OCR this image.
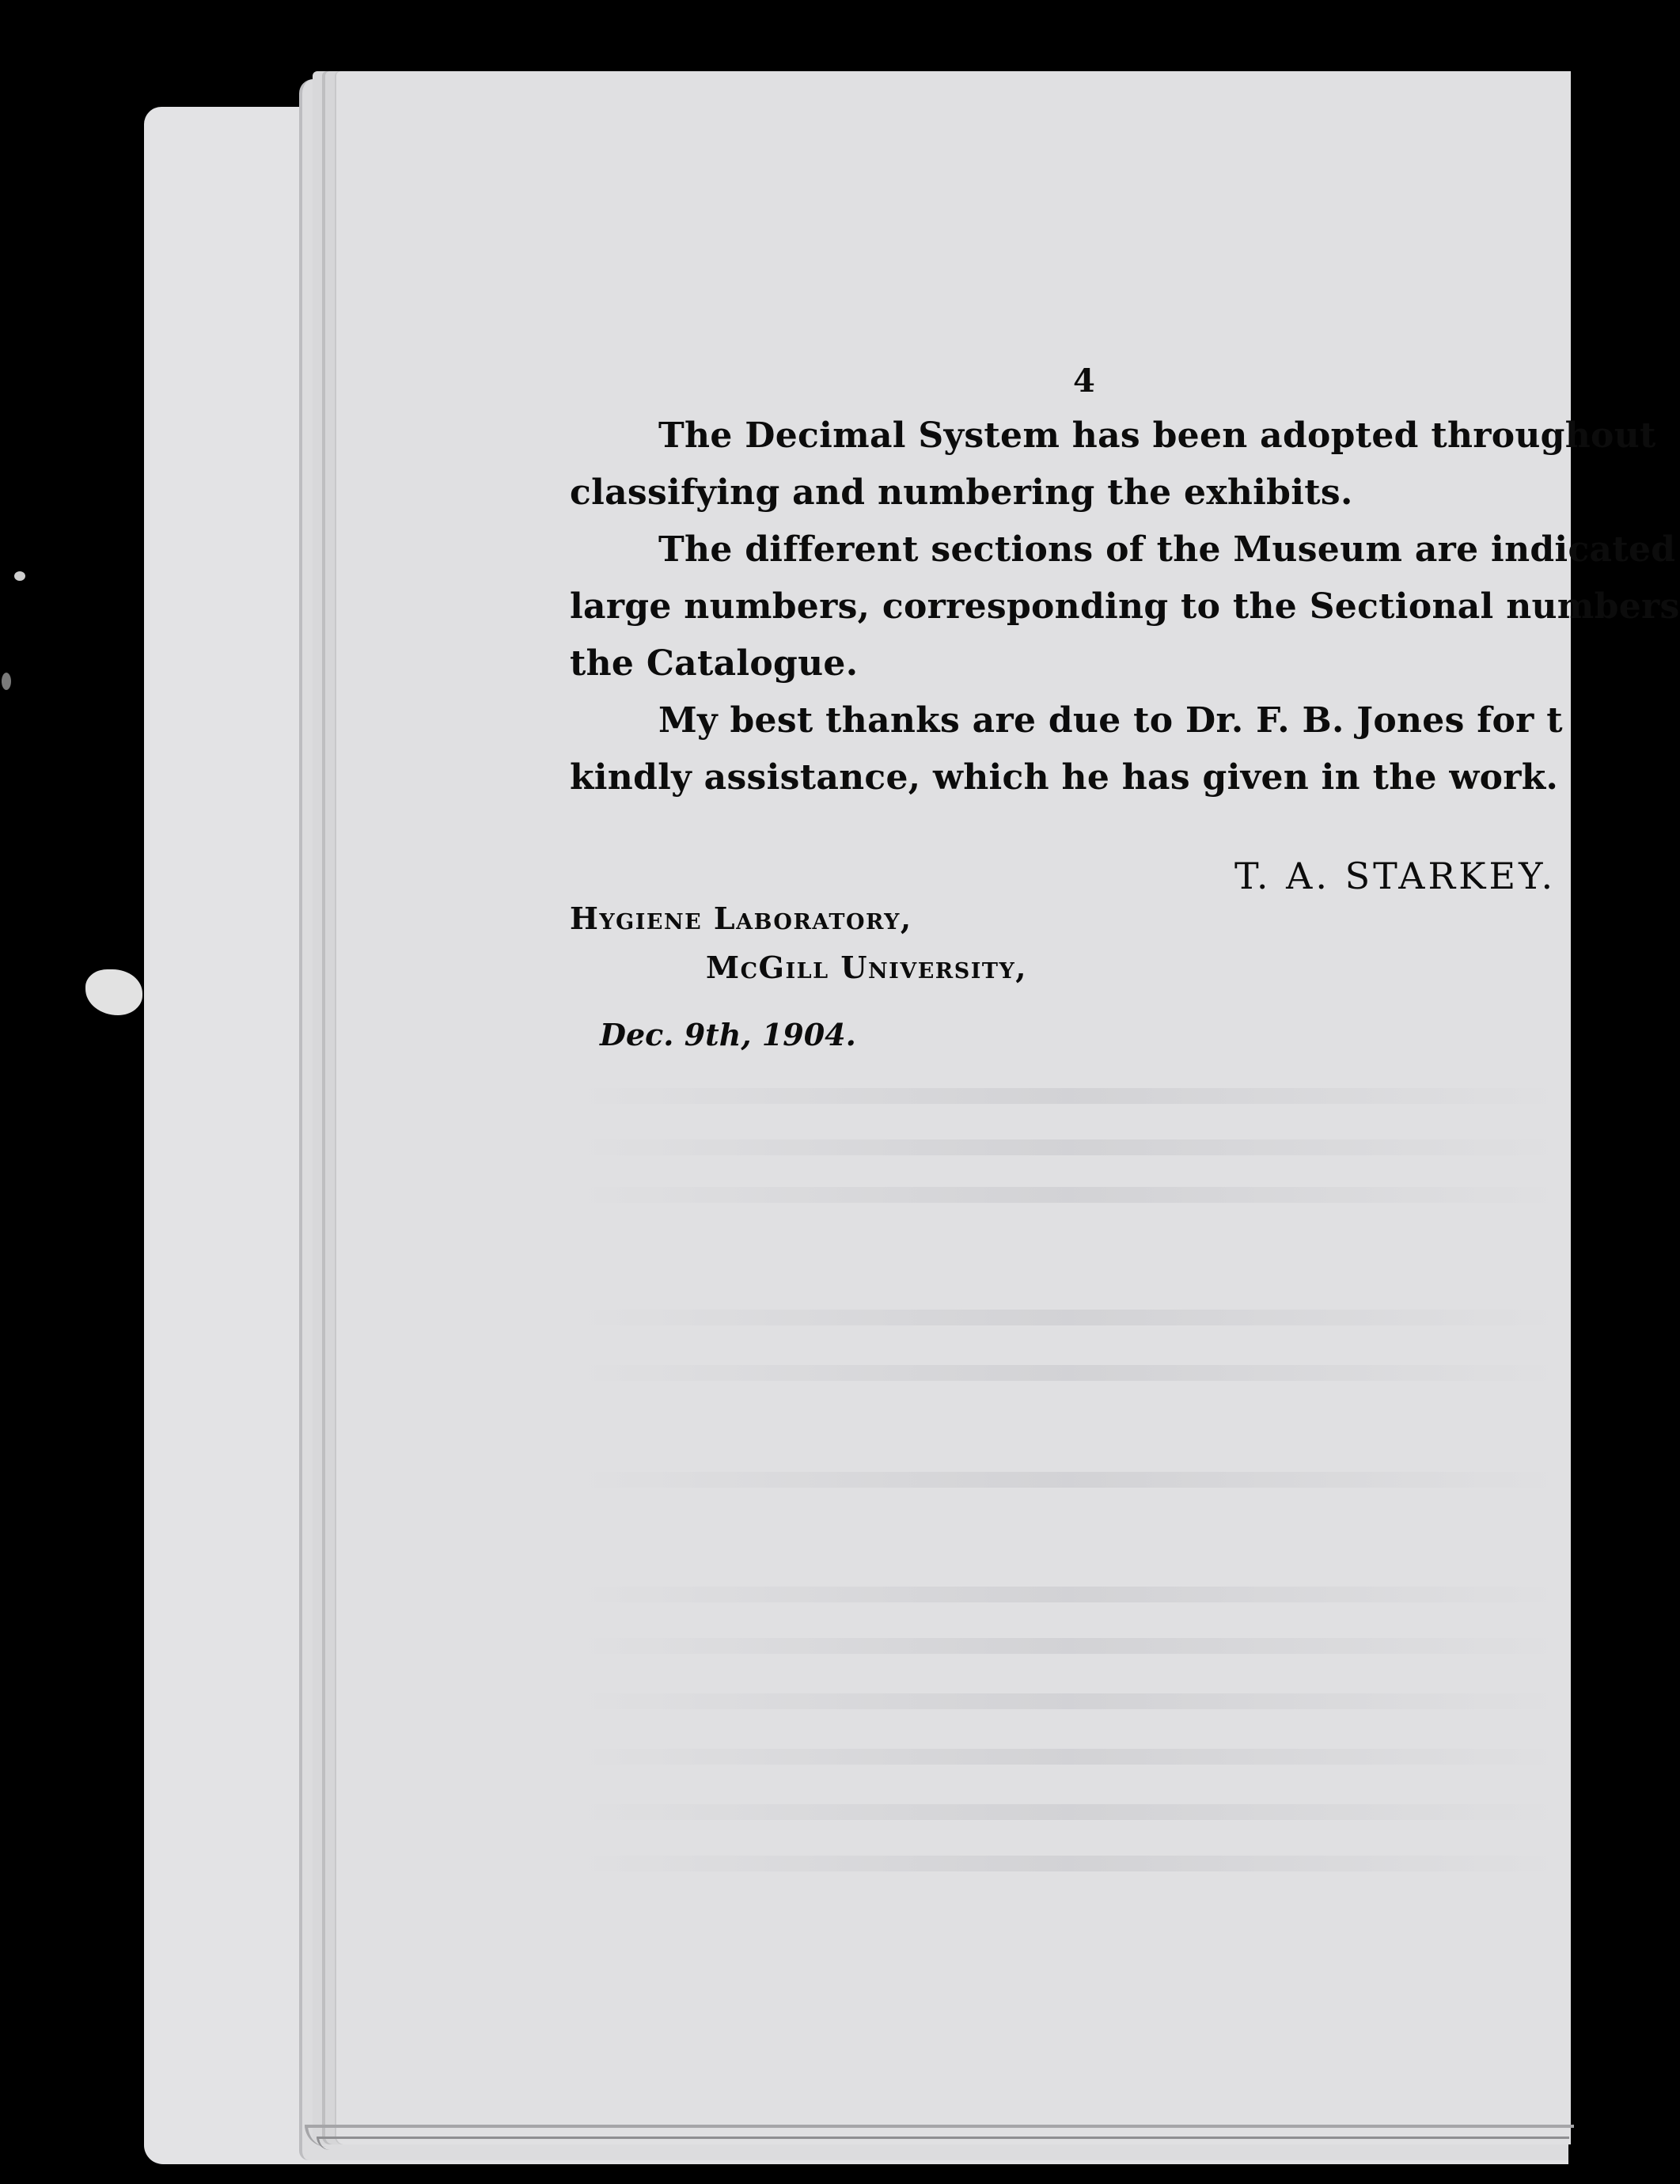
4

The Decimal System has been adopted throughout

classifying and numbering the exhibits.

The different sections of the Museum are indicated

large numbers, corresponding to the Sectional numbers

the Catalogue.

My best thanks are due to Dr. F. B. Jones for t

kindly assistance, which he has given in the work.

T. A. STARKEY.

Hygiene Laboratory,

McGill University,

Dec. 9th, 1904.
